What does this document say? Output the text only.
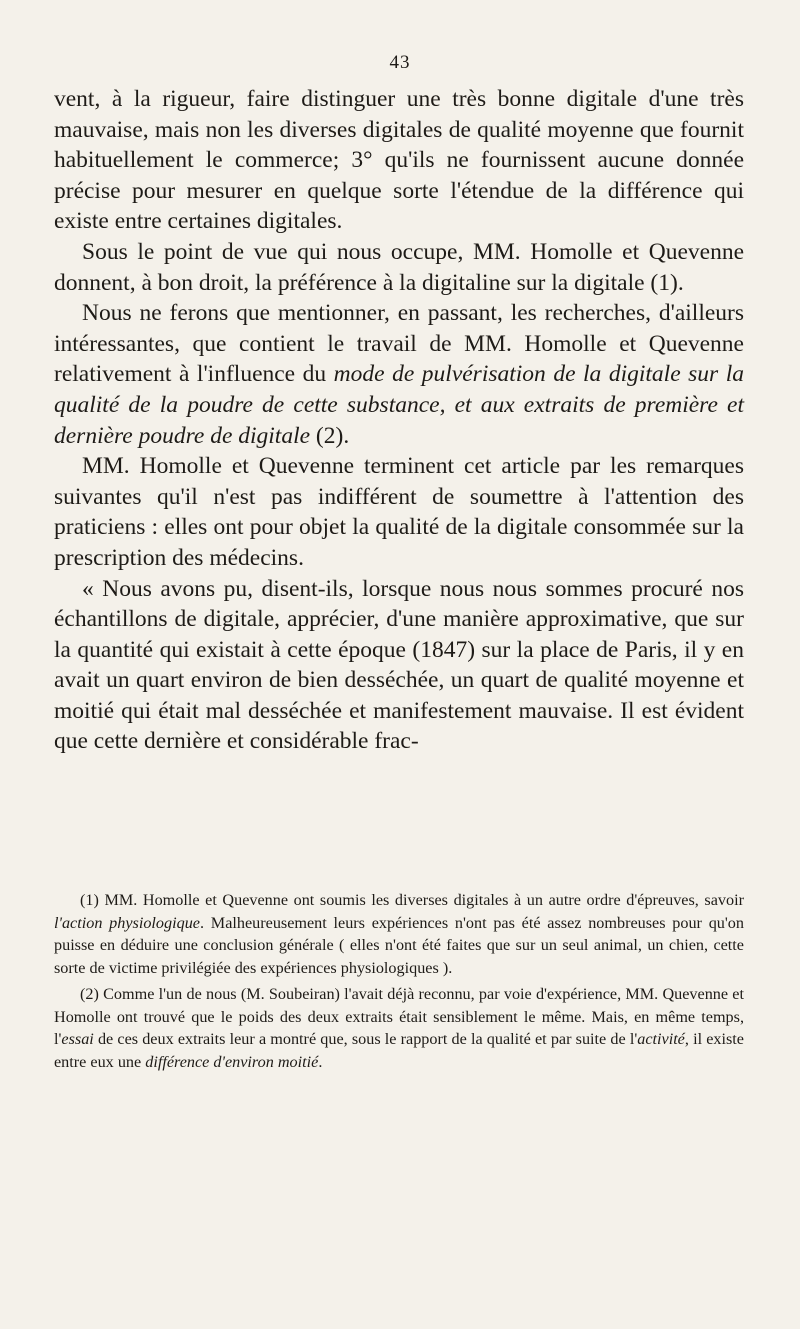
43

vent, à la rigueur, faire distinguer une très bonne digitale d'une très mauvaise, mais non les diverses digitales de qualité moyenne que fournit habituellement le commerce; 3° qu'ils ne fournissent aucune donnée précise pour mesurer en quelque sorte l'étendue de la différence qui existe entre certaines digitales.

Sous le point de vue qui nous occupe, MM. Homolle et Quevenne donnent, à bon droit, la préférence à la digitaline sur la digitale (1).

Nous ne ferons que mentionner, en passant, les recherches, d'ailleurs intéressantes, que contient le travail de MM. Homolle et Quevenne relativement à l'influence du mode de pulvérisation de la digitale sur la qualité de la poudre de cette substance, et aux extraits de première et dernière poudre de digitale (2).

MM. Homolle et Quevenne terminent cet article par les remarques suivantes qu'il n'est pas indifférent de soumettre à l'attention des praticiens : elles ont pour objet la qualité de la digitale consommée sur la prescription des médecins.

« Nous avons pu, disent-ils, lorsque nous nous sommes procuré nos échantillons de digitale, apprécier, d'une manière approximative, que sur la quantité qui existait à cette époque (1847) sur la place de Paris, il y en avait un quart environ de bien desséchée, un quart de qualité moyenne et moitié qui était mal desséchée et manifestement mauvaise. Il est évident que cette dernière et considérable frac-

(1) MM. Homolle et Quevenne ont soumis les diverses digitales à un autre ordre d'épreuves, savoir l'action physiologique. Malheureusement leurs expériences n'ont pas été assez nombreuses pour qu'on puisse en déduire une conclusion générale ( elles n'ont été faites que sur un seul animal, un chien, cette sorte de victime privilégiée des expériences physiologiques ).

(2) Comme l'un de nous (M. Soubeiran) l'avait déjà reconnu, par voie d'expérience, MM. Quevenne et Homolle ont trouvé que le poids des deux extraits était sensiblement le même. Mais, en même temps, l'essai de ces deux extraits leur a montré que, sous le rapport de la qualité et par suite de l'activité, il existe entre eux une différence d'environ moitié.
